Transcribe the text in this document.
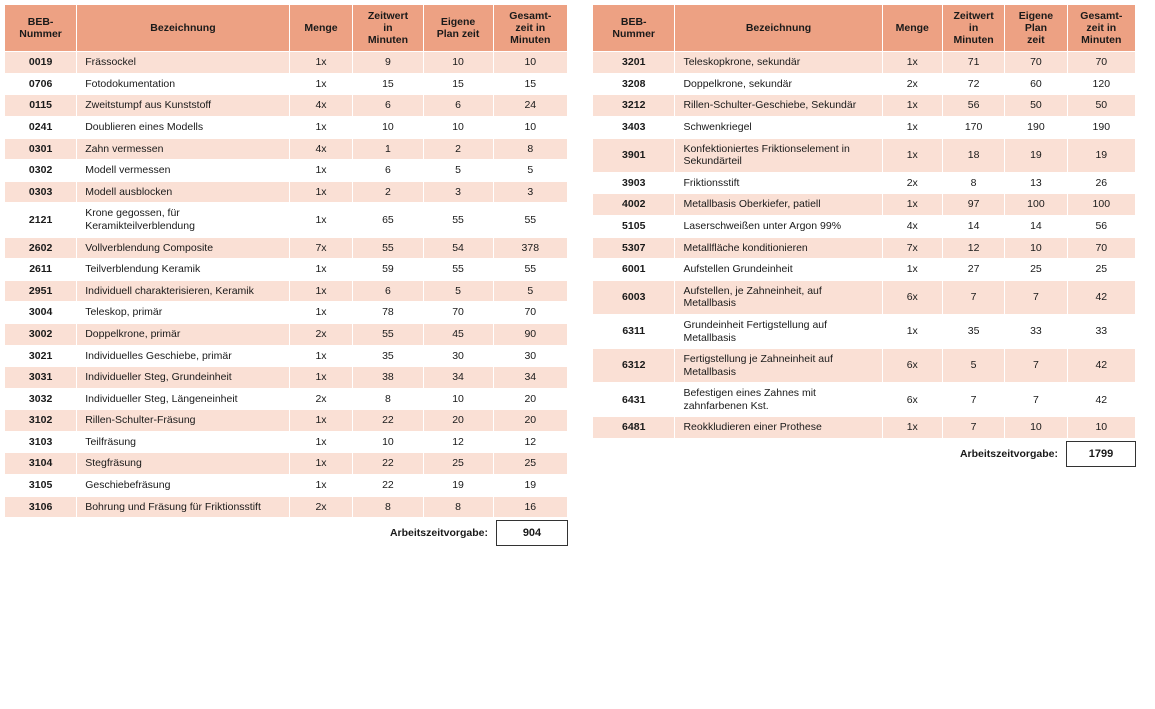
BEB-
Nummer

Bezeichnung	Menge

Zeitwert
in
Minuten

Eigene
Plan zeit

Gesamt-
zeit in
Minuten

0019	Frässockel	1x	9	10	10
0706	Fotodokumentation	1x	15	15	15
0115	Zweitstumpf aus Kunststoff	4x	6	6	24
0241	Doublieren eines Modells	1x	10	10	10
0301	Zahn vermessen	4x	1	2	8
0302	Modell vermessen	1x	6	5	5
0303	Modell ausblocken	1x	2	3	3
2121	Krone gegossen, für Keramikteilverblendung	1x	65	55	55
2602	Vollverblendung Composite	7x	55	54	378
2611	Teilverblendung Keramik	1x	59	55	55
2951	Individuell charakterisieren, Keramik	1x	6	5	5
3004	Teleskop, primär	1x	78	70	70
3002	Doppelkrone, primär	2x	55	45	90
3021	Individuelles Geschiebe, primär	1x	35	30	30
3031	Individueller Steg, Grundeinheit	1x	38	34	34
3032	Individueller Steg, Längeneinheit	2x	8	10	20
3102	Rillen-Schulter-Fräsung	1x	22	20	20
3103	Teilfräsung	1x	10	12	12
3104	Stegfräsung	1x	22	25	25
3105	Geschiebefräsung	1x	22	19	19
3106	Bohrung und Fräsung für Friktionsstift	2x	8	8	16
Arbeitszeitvorgabe:	904
BEB-
Nummer

Bezeichnung	Menge

Zeitwert
in
Minuten

Eigene
Plan
zeit

Gesamt-
zeit in
Minuten

3201	Teleskopkrone, sekundär	1x	71	70	70
3208	Doppelkrone, sekundär	2x	72	60	120
3212	Rillen-Schulter-Geschiebe, Sekundär	1x	56	50	50
3403	Schwenkriegel	1x	170	190	190
3901	Konfektioniertes Friktionselement in Sekundärteil	1x	18	19	19
3903	Friktionsstift	2x	8	13	26
4002	Metallbasis Oberkiefer, patiell	1x	97	100	100
5105	Laserschweißen unter Argon 99%	4x	14	14	56
5307	Metallfläche konditionieren	7x	12	10	70
6001	Aufstellen Grundeinheit	1x	27	25	25
6003	Aufstellen, je Zahneinheit, auf Metallbasis	6x	7	7	42
6311	Grundeinheit Fertigstellung auf Metallbasis	1x	35	33	33
6312	Fertigstellung je Zahneinheit auf Metallbasis	6x	5	7	42
6431	Befestigen eines Zahnes mit zahnfarbenen Kst.	6x	7	7	42
6481	Reokkludieren einer Prothese	1x	7	10	10
Arbeitszeitvorgabe:	1799
